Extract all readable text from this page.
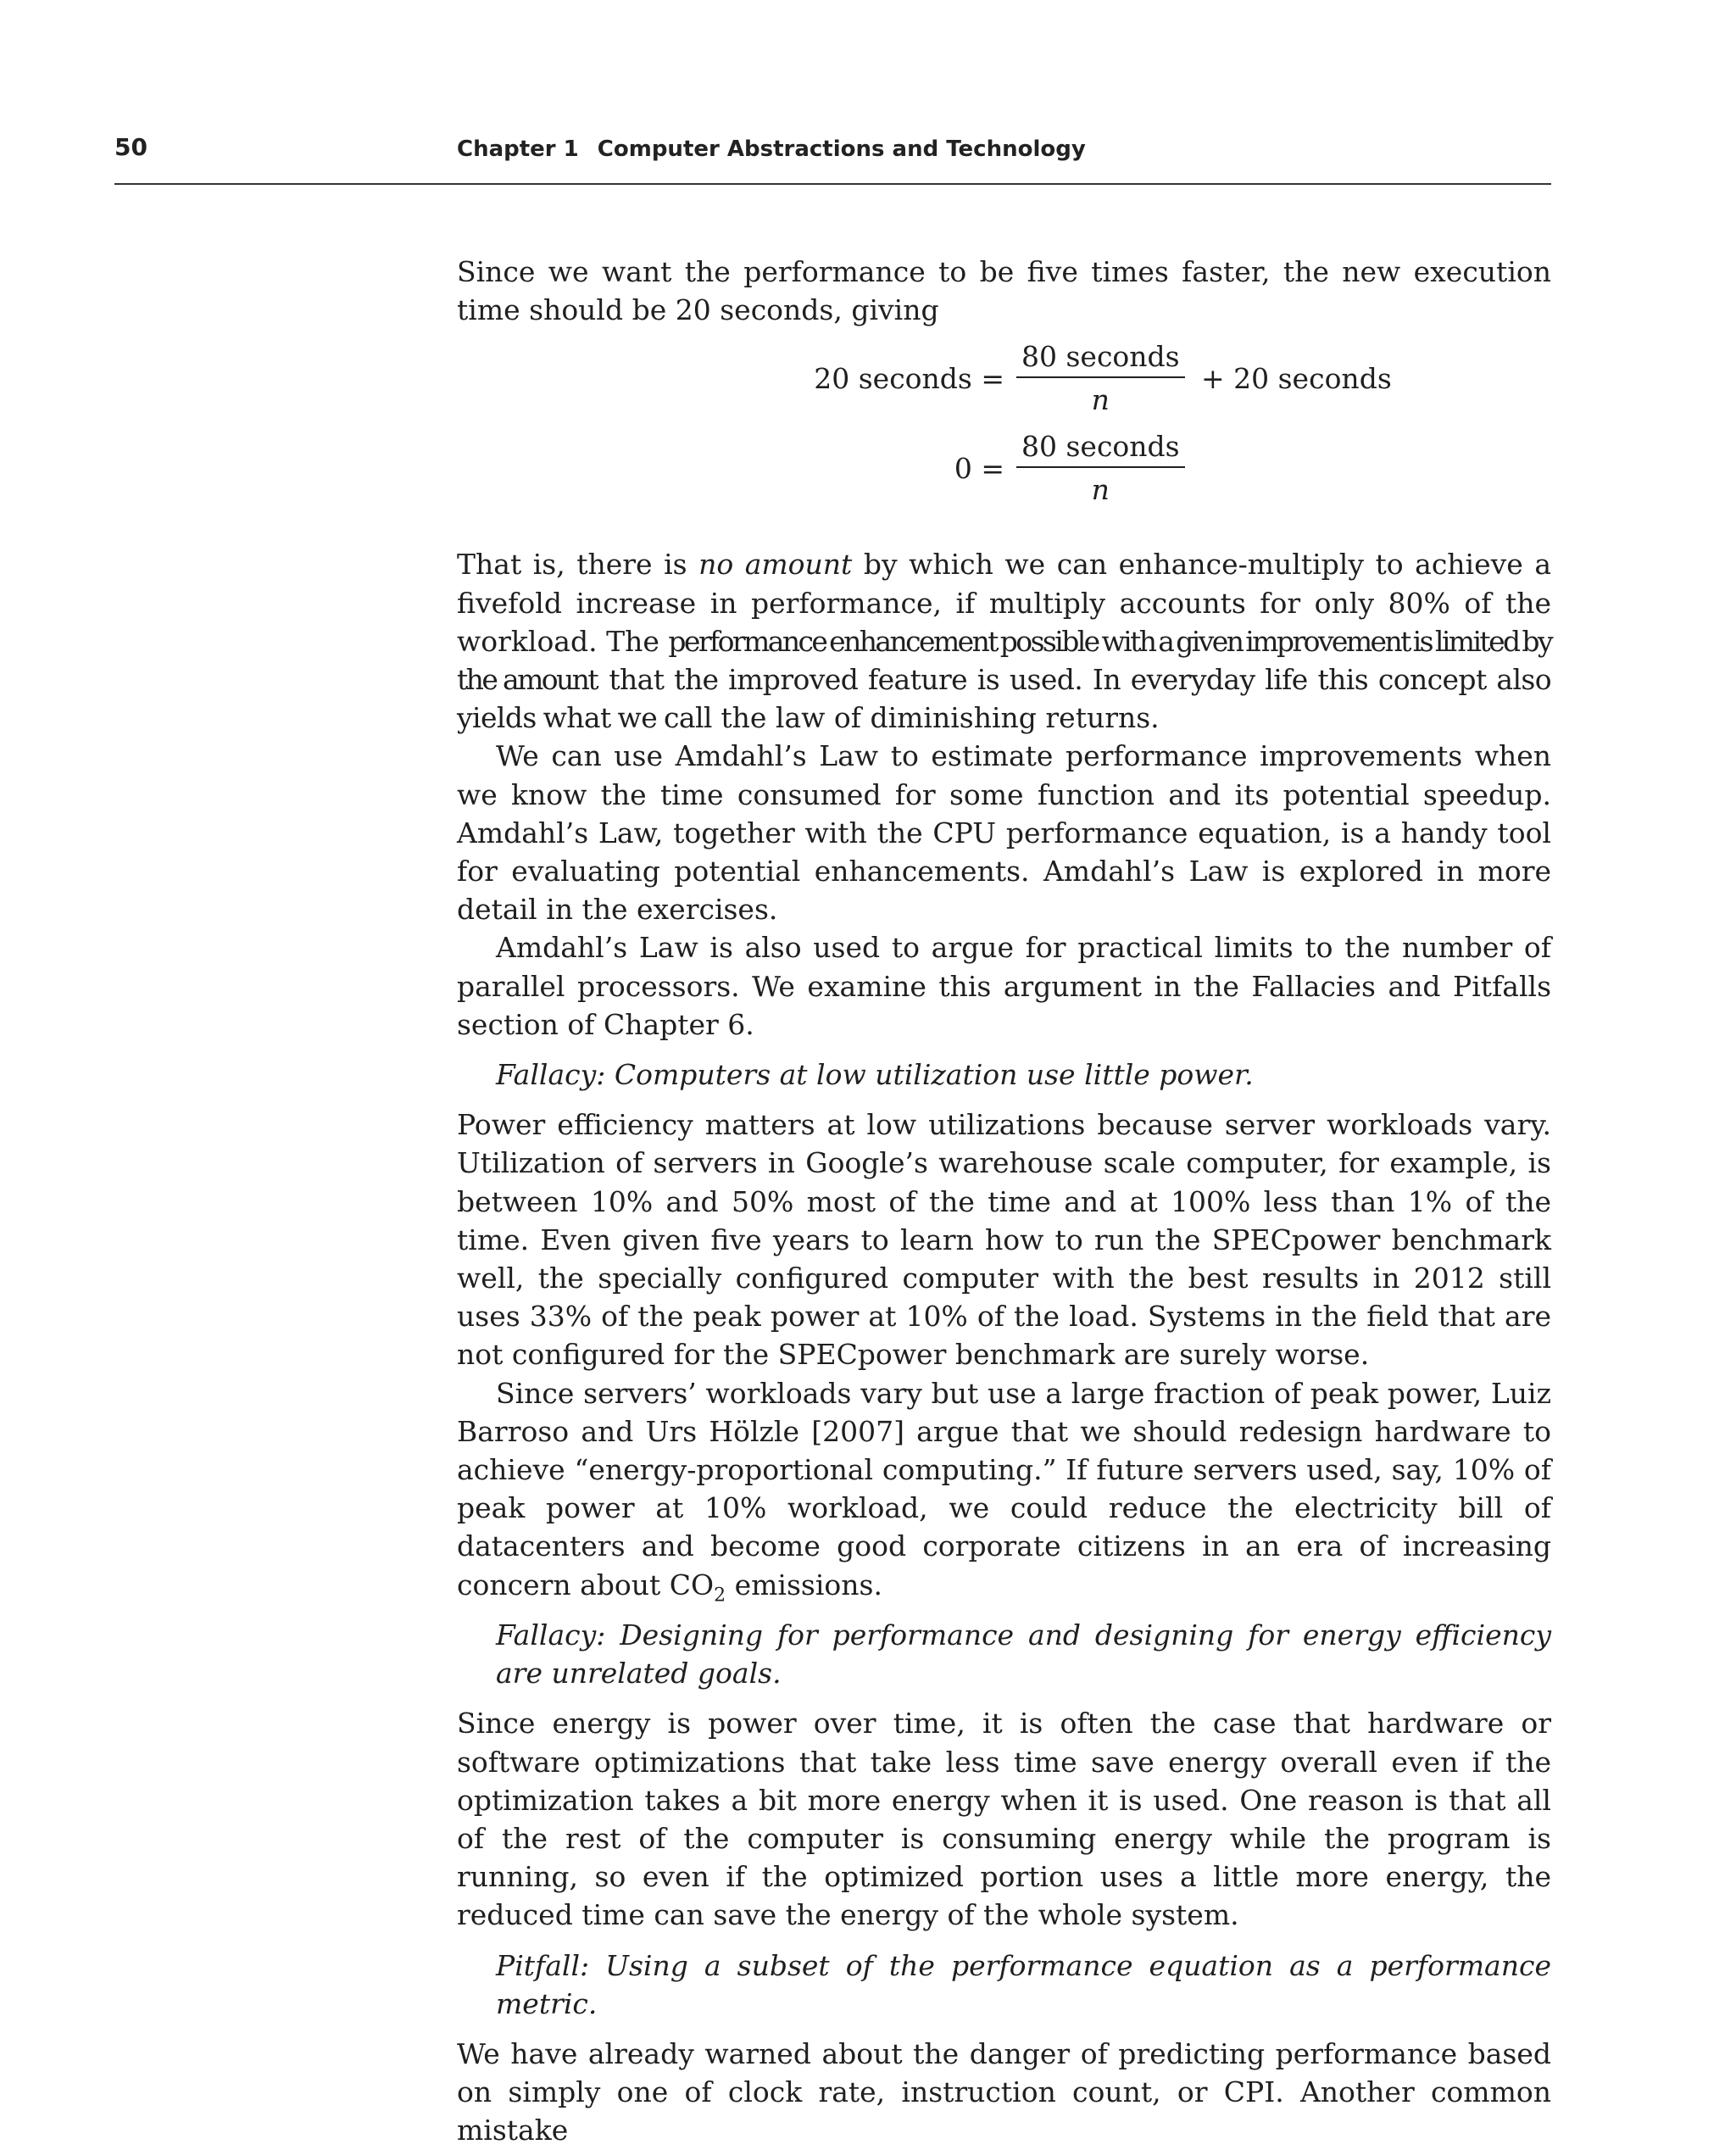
50	Chapter 1 Computer Abstractions and Technology

Since we want the performance to be five times faster, the new execution time should be 20 seconds, giving

20 seconds =
80 seconds
n
+ 20 seconds
0 =
80 seconds
n

That is, there is no amount by which we can enhance-multiply to achieve a fivefold increase in performance, if multiply accounts for only 80% of the workload. The performance enhancement possible with a given improvement is limited by the amount that the improved feature is used. In everyday life this concept also yields what we call the law of diminishing returns.

We can use Amdahl’s Law to estimate performance improvements when we know the time consumed for some function and its potential speedup. Amdahl’s Law, together with the CPU performance equation, is a handy tool for evaluating potential enhancements. Amdahl’s Law is explored in more detail in the exercises.

Amdahl’s Law is also used to argue for practical limits to the number of parallel processors. We examine this argument in the Fallacies and Pitfalls section of Chapter 6.

Fallacy: Computers at low utilization use little power.

Power efficiency matters at low utilizations because server workloads vary. Utilization of servers in Google’s warehouse scale computer, for example, is between 10% and 50% most of the time and at 100% less than 1% of the time. Even given five years to learn how to run the SPECpower benchmark well, the specially configured computer with the best results in 2012 still uses 33% of the peak power at 10% of the load. Systems in the field that are not configured for the SPECpower benchmark are surely worse.

Since servers’ workloads vary but use a large fraction of peak power, Luiz Barroso and Urs Hölzle [2007] argue that we should redesign hardware to achieve “energy-proportional computing.” If future servers used, say, 10% of peak power at 10% workload, we could reduce the electricity bill of datacenters and become good corporate citizens in an era of increasing concern about $CO_2$ emissions.

Fallacy: Designing for performance and designing for energy efficiency are unrelated goals.

Since energy is power over time, it is often the case that hardware or software optimizations that take less time save energy overall even if the optimization takes a bit more energy when it is used. One reason is that all of the rest of the computer is consuming energy while the program is running, so even if the optimized portion uses a little more energy, the reduced time can save the energy of the whole system.

Pitfall: Using a subset of the performance equation as a performance metric.

We have already warned about the danger of predicting performance based on simply one of clock rate, instruction count, or CPI. Another common mistake
